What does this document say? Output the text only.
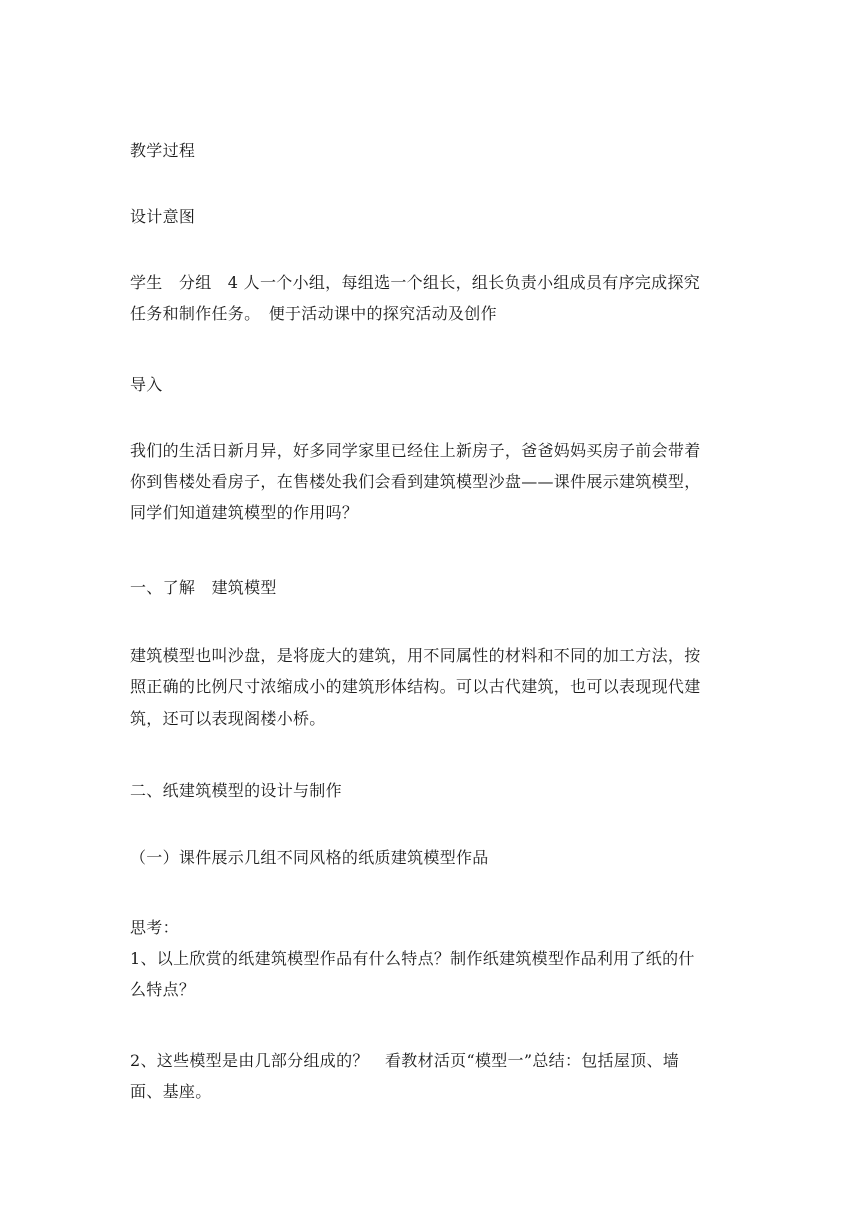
教学过程

设计意图

学生　分组　4 人一个小组，每组选一个组长，组长负责小组成员有序完成探究

任务和制作任务。　便于活动课中的探究活动及创作

导入

我们的生活日新月异，好多同学家里已经住上新房子，爸爸妈妈买房子前会带着

你到售楼处看房子，在售楼处我们会看到建筑模型沙盘——课件展示建筑模型，

同学们知道建筑模型的作用吗？

一、了解　建筑模型

建筑模型也叫沙盘，是将庞大的建筑，用不同属性的材料和不同的加工方法，按

照正确的比例尺寸浓缩成小的建筑形体结构。可以古代建筑，也可以表现现代建

筑，还可以表现阁楼小桥。

二、纸建筑模型的设计与制作

（一）课件展示几组不同风格的纸质建筑模型作品

思考：

1、以上欣赏的纸建筑模型作品有什么特点？制作纸建筑模型作品利用了纸的什

么特点？

2、这些模型是由几部分组成的？　看教材活页“模型一”总结：包括屋顶、墙

面、基座。
